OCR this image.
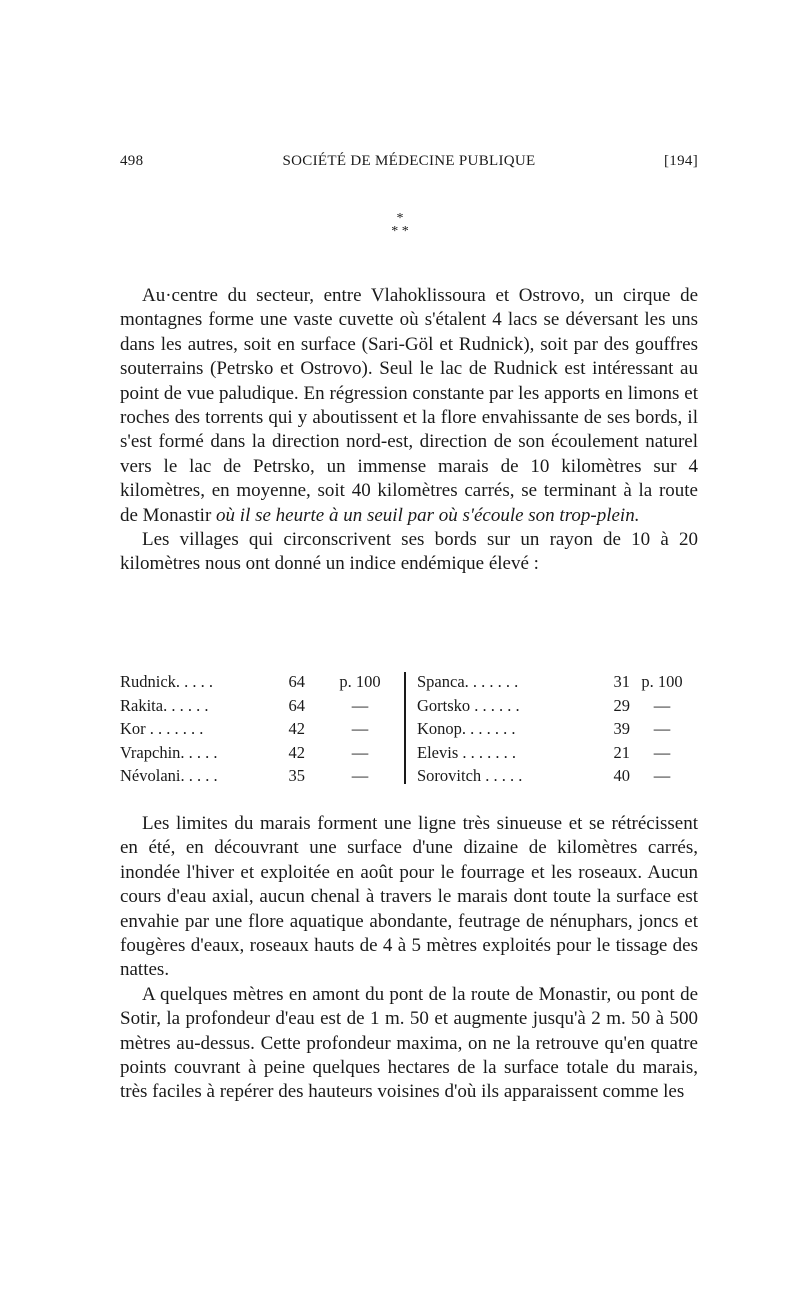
498	SOCIÉTÉ DE MÉDECINE PUBLIQUE	[194]
*
* *

Au·centre du secteur, entre Vlahoklissoura et Ostrovo, un cirque de montagnes forme une vaste cuvette où s'étalent 4 lacs se déversant les uns dans les autres, soit en surface (Sari-Göl et Rudnick), soit par des gouffres souterrains (Petrsko et Ostrovo). Seul le lac de Rudnick est intéressant au point de vue paludique. En régression constante par les apports en limons et roches des torrents qui y aboutissent et la flore envahissante de ses bords, il s'est formé dans la direction nord-est, direction de son écoulement naturel vers le lac de Petrsko, un immense marais de 10 kilomètres sur 4 kilomètres, en moyenne, soit 40 kilomètres carrés, se terminant à la route de Monastir où il se heurte à un seuil par où s'écoule son trop-plein.

Les villages qui circonscrivent ses bords sur un rayon de 10 à 20 kilomètres nous ont donné un indice endémique élevé :

Rudnick. . . . .	64	p. 100
Rakita. . . . . .	64	—
Kor . . . . . . .	42	—
Vrapchin. . . . .	42	—
Névolani. . . . .	35	—
Spanca. . . . . . .	31 p. 100
Gortsko . . . . . .	29	—
Konop. . . . . . .	39	—
Elevis . . . . . . .	21	—
Sorovitch . . . . .	40	—

Les limites du marais forment une ligne très sinueuse et se rétrécissent en été, en découvrant une surface d'une dizaine de kilomètres carrés, inondée l'hiver et exploitée en août pour le fourrage et les roseaux. Aucun cours d'eau axial, aucun chenal à travers le marais dont toute la surface est envahie par une flore aquatique abondante, feutrage de nénuphars, joncs et fougères d'eaux, roseaux hauts de 4 à 5 mètres exploités pour le tissage des nattes.

A quelques mètres en amont du pont de la route de Monastir, ou pont de Sotir, la profondeur d'eau est de 1 m. 50 et augmente jusqu'à 2 m. 50 à 500 mètres au-dessus. Cette profondeur maxima, on ne la retrouve qu'en quatre points couvrant à peine quelques hectares de la surface totale du marais, très faciles à repérer des hauteurs voisines d'où ils apparaissent comme les
